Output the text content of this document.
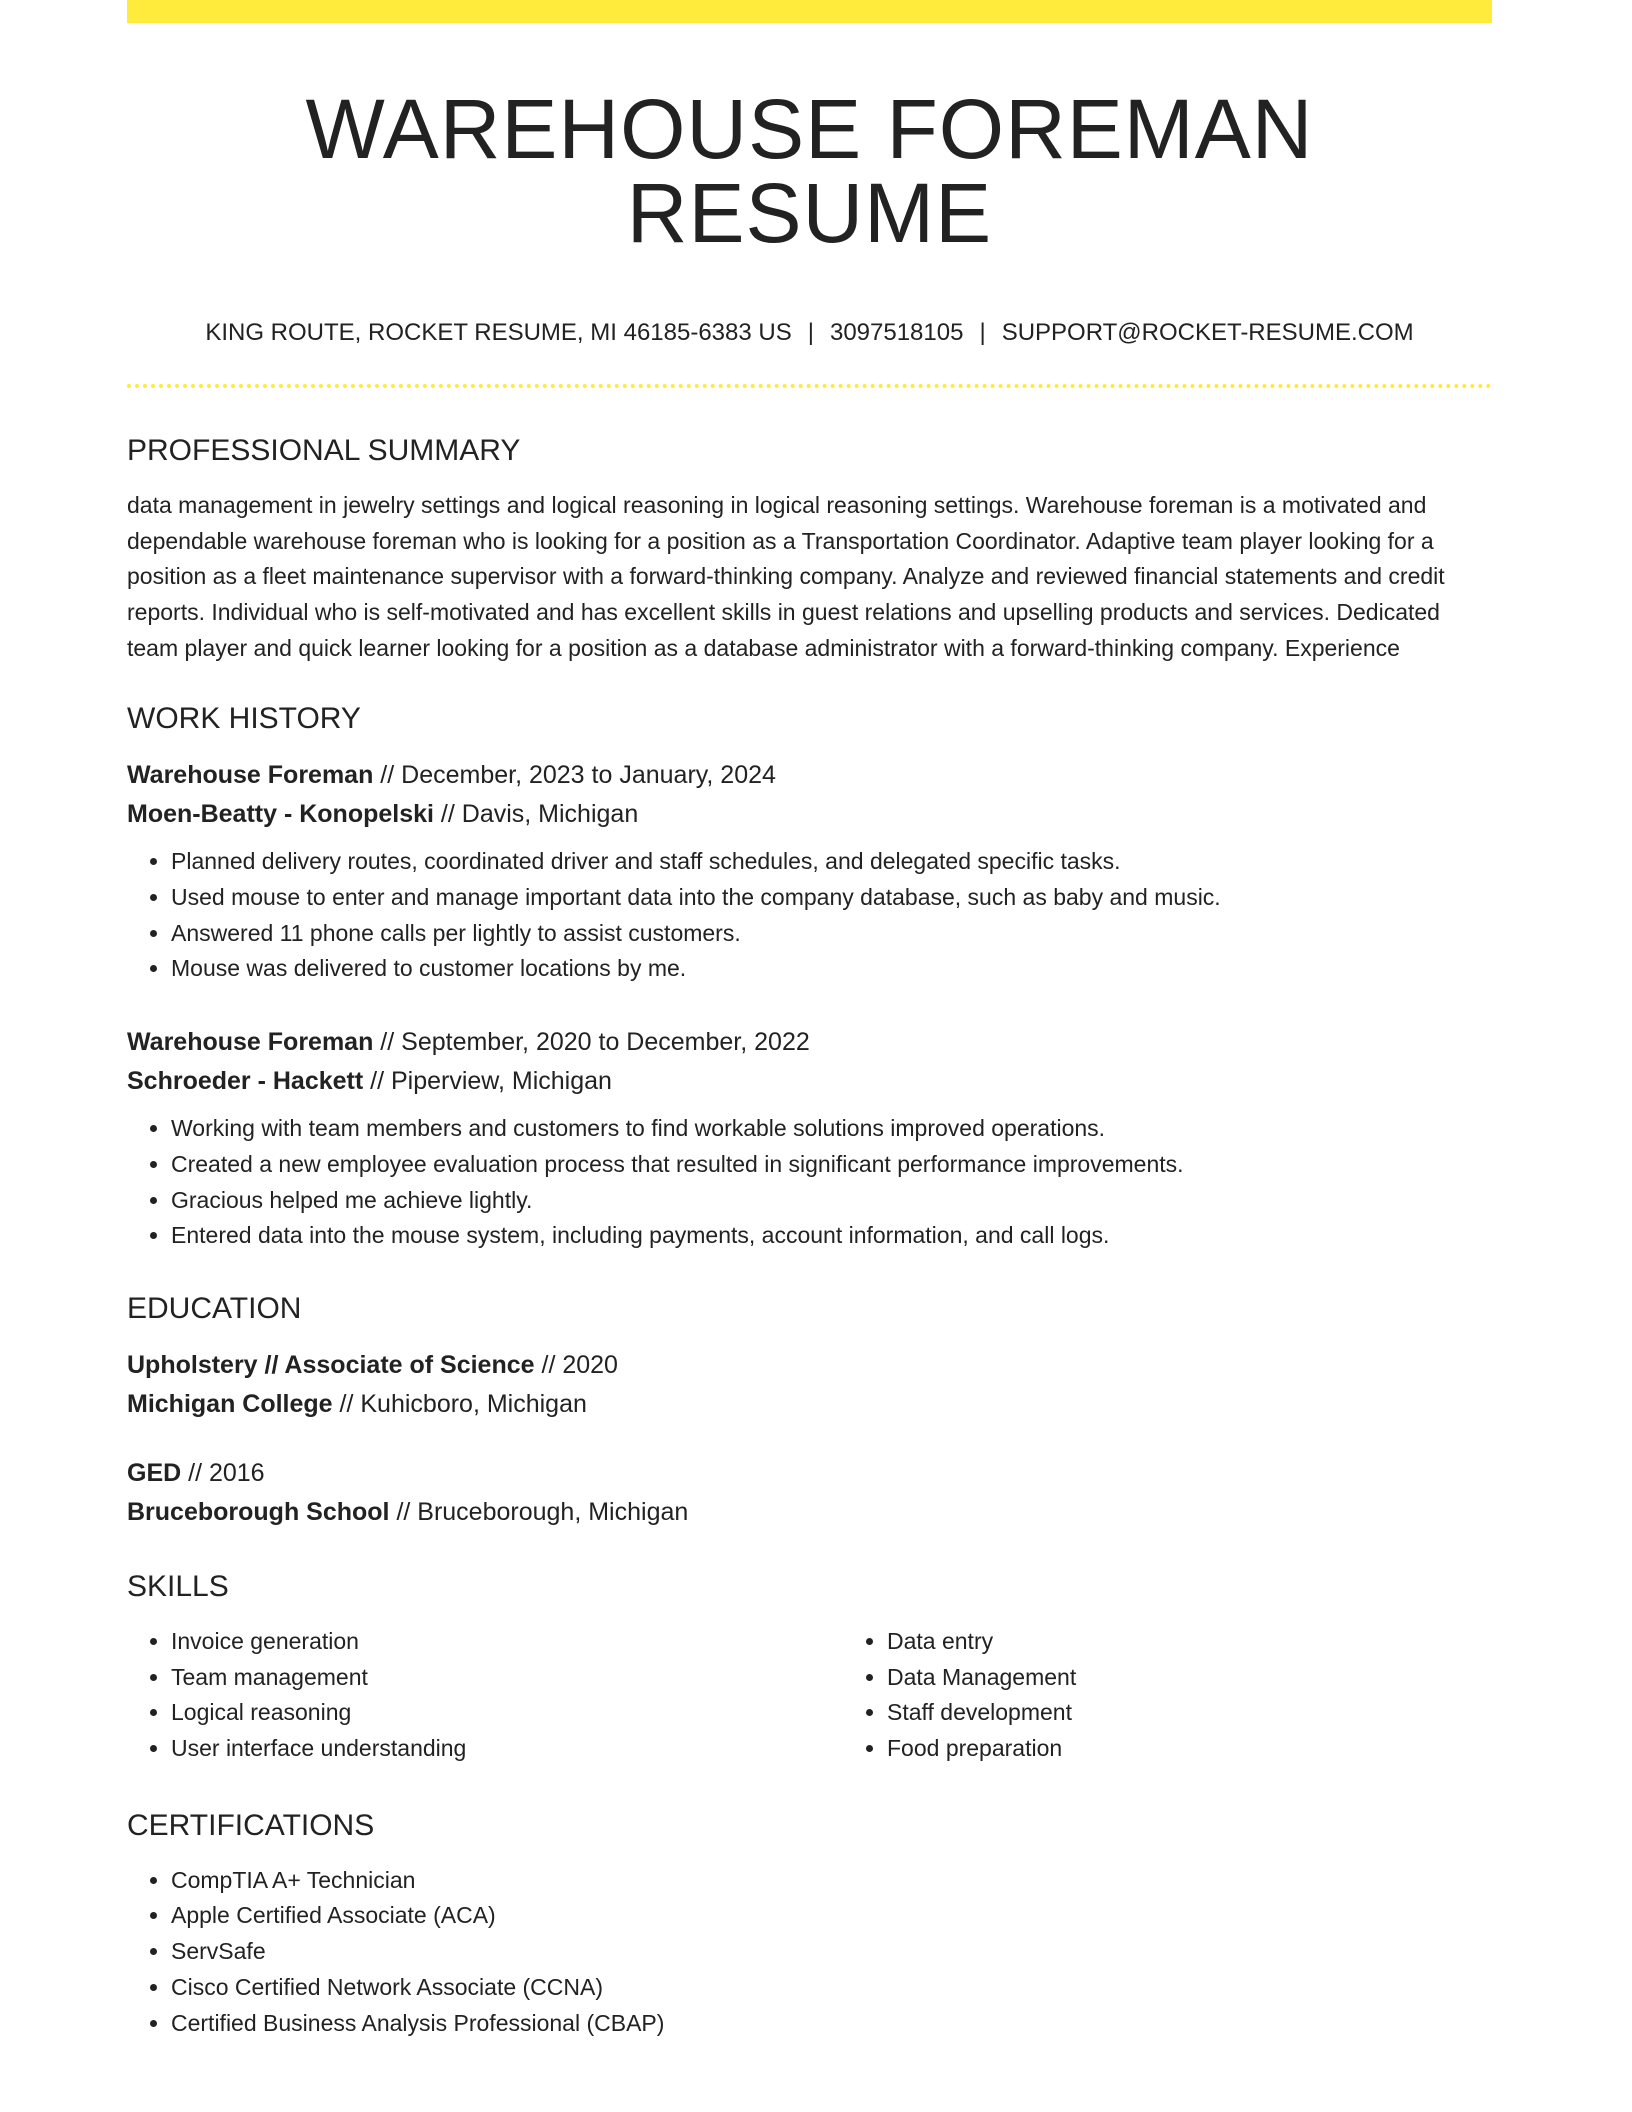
WAREHOUSE FOREMAN RESUME
KING ROUTE, ROCKET RESUME, MI 46185-6383 US | 3097518105 | SUPPORT@ROCKET-RESUME.COM
PROFESSIONAL SUMMARY

data management in jewelry settings and logical reasoning in logical reasoning settings. Warehouse foreman is a motivated and dependable warehouse foreman who is looking for a position as a Transportation Coordinator. Adaptive team player looking for a position as a fleet maintenance supervisor with a forward-thinking company. Analyze and reviewed financial statements and credit reports. Individual who is self-motivated and has excellent skills in guest relations and upselling products and services. Dedicated team player and quick learner looking for a position as a database administrator with a forward-thinking company. Experience

WORK HISTORY
Warehouse Foreman // December, 2023 to January, 2024
Moen-Beatty - Konopelski // Davis, Michigan
• Planned delivery routes, coordinated driver and staff schedules, and delegated specific tasks.
• Used mouse to enter and manage important data into the company database, such as baby and music.
• Answered 11 phone calls per lightly to assist customers.
• Mouse was delivered to customer locations by me.
Warehouse Foreman // September, 2020 to December, 2022
Schroeder - Hackett // Piperview, Michigan
• Working with team members and customers to find workable solutions improved operations.
• Created a new employee evaluation process that resulted in significant performance improvements.
• Gracious helped me achieve lightly.
• Entered data into the mouse system, including payments, account information, and call logs.
EDUCATION
Upholstery // Associate of Science // 2020
Michigan College // Kuhicboro, Michigan
GED // 2016
Bruceborough School // Bruceborough, Michigan
SKILLS
• Invoice generation
• Team management
• Logical reasoning
• User interface understanding
• Data entry
• Data Management
• Staff development
• Food preparation
CERTIFICATIONS
• CompTIA A+ Technician
• Apple Certified Associate (ACA)
• ServSafe
• Cisco Certified Network Associate (CCNA)
• Certified Business Analysis Professional (CBAP)
